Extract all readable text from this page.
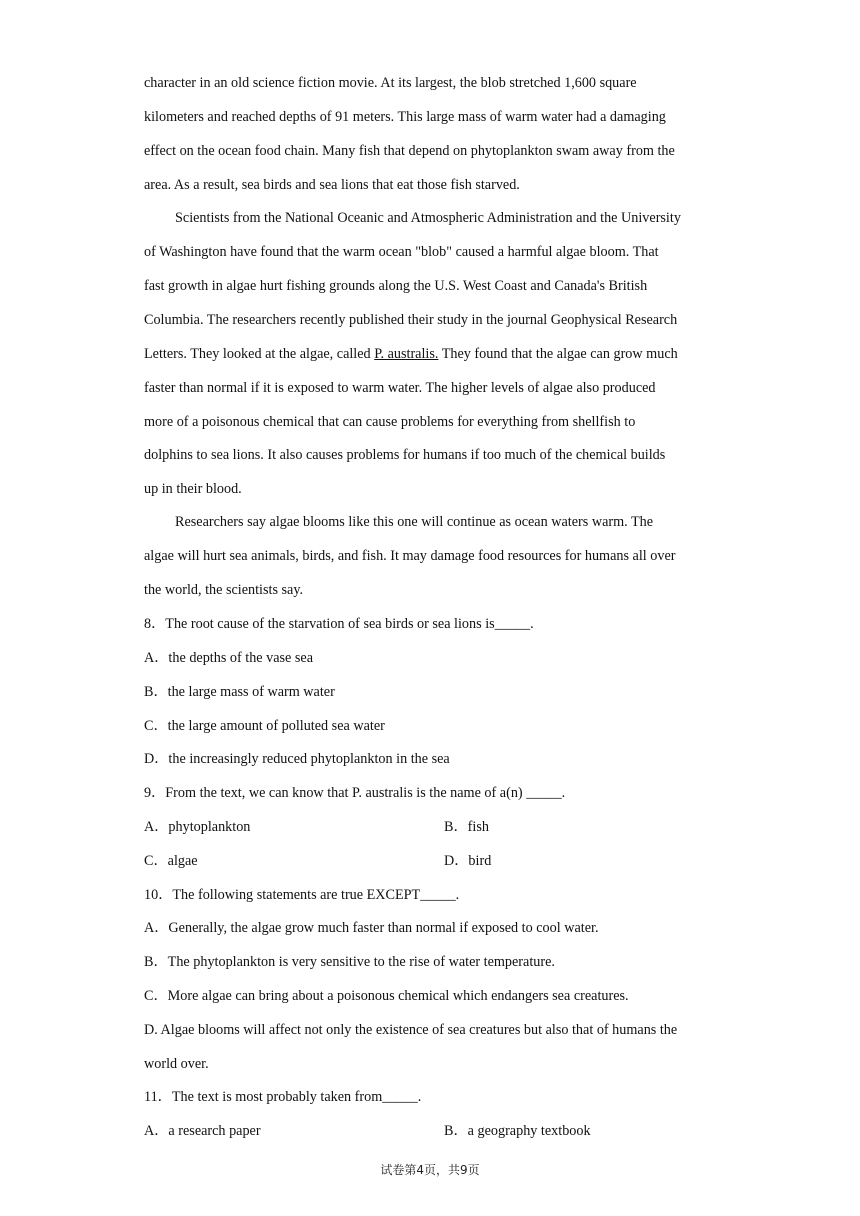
character in an old science fiction movie. At its largest, the blob stretched 1,600 square
kilometers and reached depths of 91 meters. This large mass of warm water had a damaging
effect on the ocean food chain. Many fish that depend on phytoplankton swam away from the
area. As a result, sea birds and sea lions that eat those fish starved.
Scientists from the National Oceanic and Atmospheric Administration and the University
of Washington have found that the warm ocean "blob" caused a harmful algae bloom. That
fast growth in algae hurt fishing grounds along the U.S. West Coast and Canada's British
Columbia. The researchers recently published their study in the journal Geophysical Research
Letters. They looked at the algae, called P. australis. They found that the algae can grow much
faster than normal if it is exposed to warm water. The higher levels of algae also produced
more of a poisonous chemical that can cause problems for everything from shellfish to
dolphins to sea lions. It also causes problems for humans if too much of the chemical builds
up in their blood.
Researchers say algae blooms like this one will continue as ocean waters warm. The
algae will hurt sea animals, birds, and fish. It may damage food resources for humans all over
the world, the scientists say.
8．The root cause of the starvation of sea birds or sea lions is_____.
A．the depths of the vase sea
B．the large mass of warm water
C．the large amount of polluted sea water
D．the increasingly reduced phytoplankton in the sea
9．From the text, we can know that P. australis is the name of a(n) _____.
A．phytoplankton	B．fish
C．algae	D．bird
10．The following statements are true EXCEPT_____.
A．Generally, the algae grow much faster than normal if exposed to cool water.
B．The phytoplankton is very sensitive to the rise of water temperature.
C．More algae can bring about a poisonous chemical which endangers sea creatures.
D. Algae blooms will affect not only the existence of sea creatures but also that of humans the
world over.
11．The text is most probably taken from_____.
A．a research paper	B．a geography textbook
试卷第4页，共9页
